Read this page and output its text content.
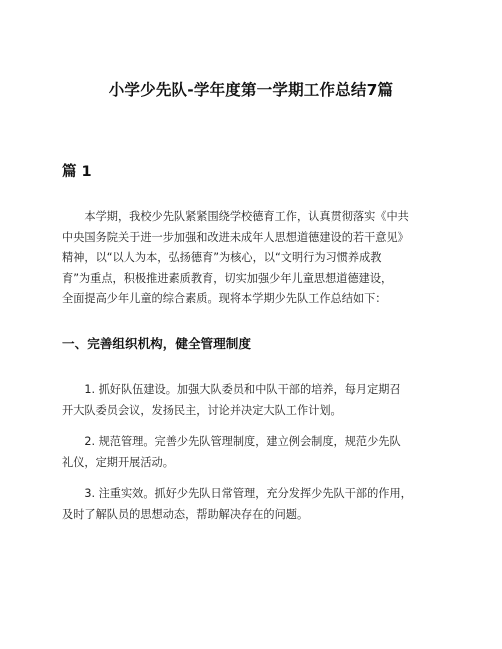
小学少先队-学年度第一学期工作总结7篇
篇 1
　　本学期，我校少先队紧紧围绕学校德育工作，认真贯彻落实《中共
中央国务院关于进一步加强和改进未成年人思想道德建设的若干意见》
精神，以“以人为本，弘扬德育”为核心，以“文明行为习惯养成教
育”为重点，积极推进素质教育，切实加强少年儿童思想道德建设，
全面提高少年儿童的综合素质。现将本学期少先队工作总结如下：
一、完善组织机构，健全管理制度
　　1. 抓好队伍建设。加强大队委员和中队干部的培养，每月定期召
开大队委员会议，发扬民主，讨论并决定大队工作计划。
　　2. 规范管理。完善少先队管理制度，建立例会制度，规范少先队
礼仪，定期开展活动。
　　3. 注重实效。抓好少先队日常管理，充分发挥少先队干部的作用，
及时了解队员的思想动态，帮助解决存在的问题。
